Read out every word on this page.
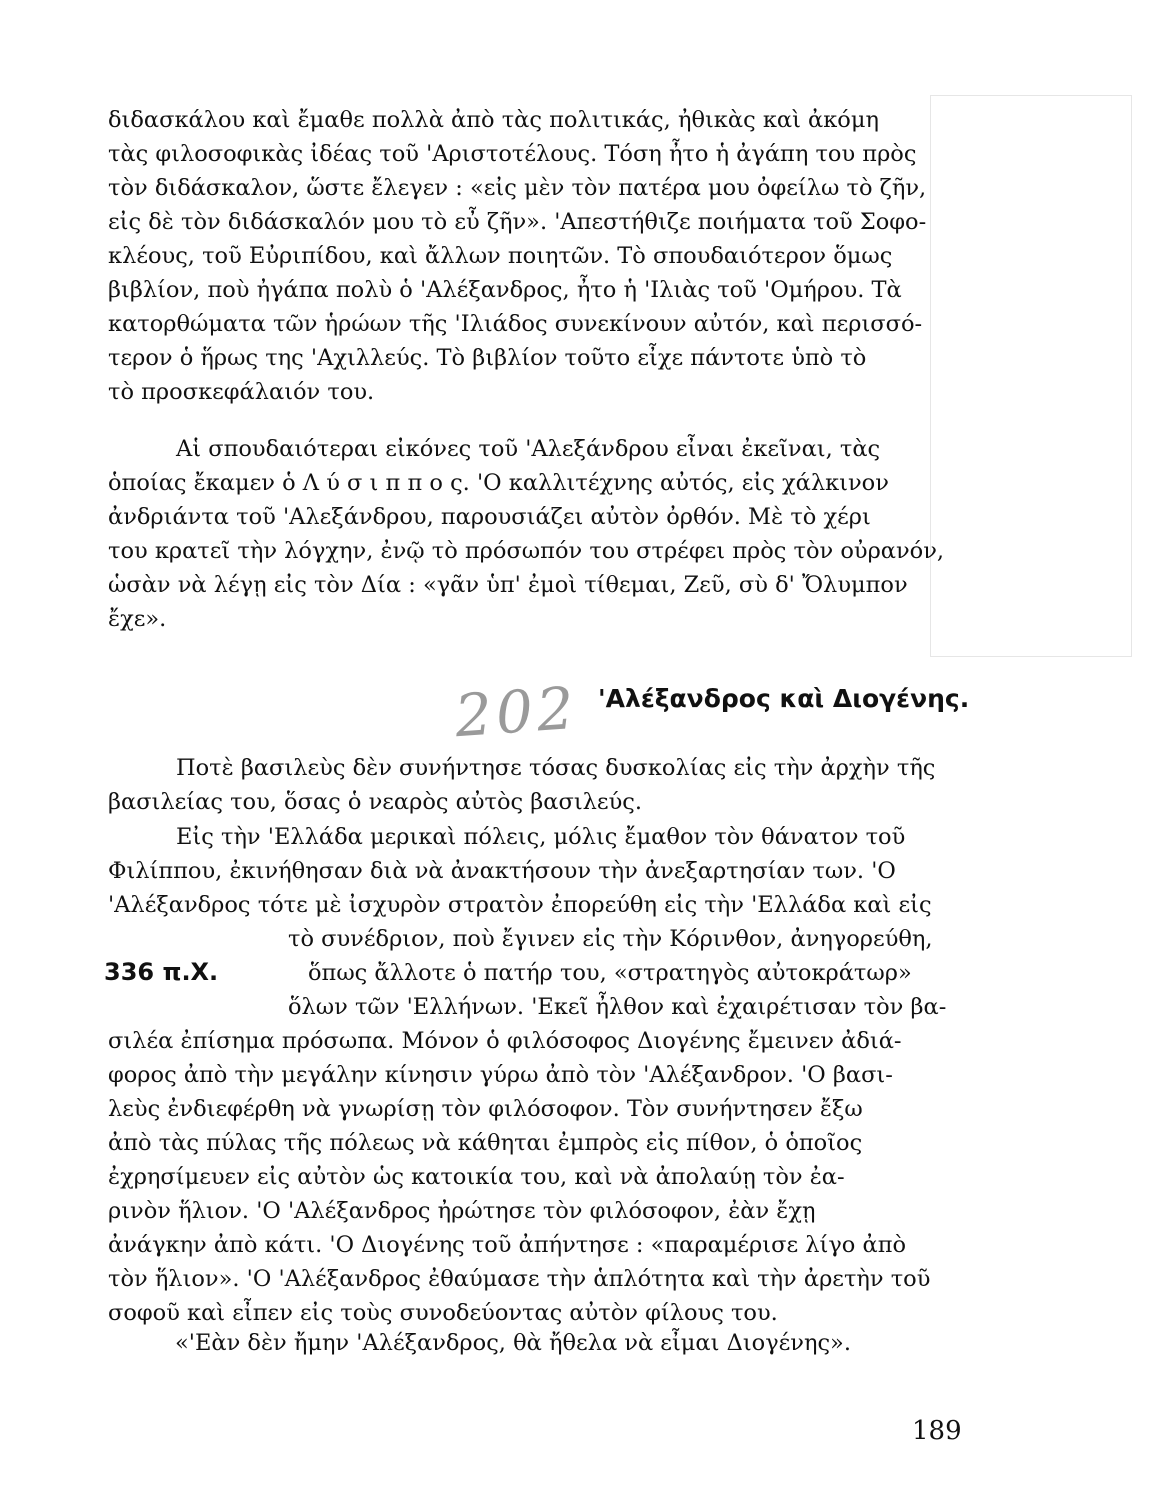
διδασκάλου καὶ ἔμαθε πολλὰ ἀπὸ τὰς πολιτικάς, ἠθικὰς καὶ ἀκόμη
τὰς φιλοσοφικὰς ἰδέας τοῦ 'Αριστοτέλους. Τόση ἦτο ἡ ἀγάπη του πρὸς
τὸν διδάσκαλον, ὥστε ἔλεγεν : «εἰς μὲν τὸν πατέρα μου ὀφείλω τὸ ζῆν,
εἰς δὲ τὸν διδάσκαλόν μου τὸ εὖ ζῆν». 'Απεστήθιζε ποιήματα τοῦ Σοφο-
κλέους, τοῦ Εὐριπίδου, καὶ ἄλλων ποιητῶν. Τὸ σπουδαιότερον ὅμως
βιβλίον, ποὺ ἠγάπα πολὺ ὁ 'Αλέξανδρος, ἦτο ἡ 'Ιλιὰς τοῦ 'Ομήρου. Τὰ
κατορθώματα τῶν ἡρώων τῆς 'Ιλιάδος συνεκίνουν αὐτόν, καὶ περισσό-
τερον ὁ ἥρως της 'Αχιλλεύς. Τὸ βιβλίον τοῦτο εἶχε πάντοτε ὑπὸ τὸ
τὸ προσκεφάλαιόν του.
Αἱ σπουδαιότεραι εἰκόνες τοῦ 'Αλεξάνδρου εἶναι ἐκεῖναι, τὰς
ὁποίας ἔκαμεν ὁ Λ ύ σ ι π π ο ς. 'Ο καλλιτέχνης αὐτός, εἰς χάλκινον
ἀνδριάντα τοῦ 'Αλεξάνδρου, παρουσιάζει αὐτὸν ὀρθόν. Μὲ τὸ χέρι
του κρατεῖ τὴν λόγχην, ἐνῷ τὸ πρόσωπόν του στρέφει πρὸς τὸν οὐρανόν,
ὡσὰν νὰ λέγῃ εἰς τὸν Δία : «γᾶν ὑπ' ἐμοὶ τίθεμαι, Ζεῦ, σὺ δ' Ὄλυμπον
ἔχε».
202 'Αλέξανδρος καὶ Διογένης.
Ποτὲ βασιλεὺς δὲν συνήντησε τόσας δυσκολίας εἰς τὴν ἀρχὴν τῆς
βασιλείας του, ὅσας ὁ νεαρὸς αὐτὸς βασιλεύς.
Εἰς τὴν 'Ελλάδα μερικαὶ πόλεις, μόλις ἔμαθον τὸν θάνατον τοῦ
Φιλίππου, ἐκινήθησαν διὰ νὰ ἀνακτήσουν τὴν ἀνεξαρτησίαν των. 'Ο
'Αλέξανδρος τότε μὲ ἰσχυρὸν στρατὸν ἐπορεύθη εἰς τὴν 'Ελλάδα καὶ εἰς
τὸ συνέδριον, ποὺ ἔγινεν εἰς τὴν Κόρινθον, ἀνηγορεύθη,
ὅπως ἄλλοτε ὁ πατήρ του, «στρατηγὸς αὐτοκράτωρ»
ὅλων τῶν 'Ελλήνων. 'Εκεῖ ἦλθον καὶ ἐχαιρέτισαν τὸν βα-
σιλέα ἐπίσημα πρόσωπα. Μόνον ὁ φιλόσοφος Διογένης ἔμεινεν ἀδιά-
φορος ἀπὸ τὴν μεγάλην κίνησιν γύρω ἀπὸ τὸν 'Αλέξανδρον. 'Ο βασι-
λεὺς ἐνδιεφέρθη νὰ γνωρίσῃ τὸν φιλόσοφον. Τὸν συνήντησεν ἔξω
ἀπὸ τὰς πύλας τῆς πόλεως νὰ κάθηται ἐμπρὸς εἰς πίθον, ὁ ὁποῖος
ἐχρησίμευεν εἰς αὐτὸν ὡς κατοικία του, καὶ νὰ ἀπολαύῃ τὸν ἐα-
ρινὸν ἥλιον. 'Ο 'Αλέξανδρος ἠρώτησε τὸν φιλόσοφον, ἐὰν ἔχῃ
ἀνάγκην ἀπὸ κάτι. 'Ο Διογένης τοῦ ἀπήντησε : «παραμέρισε λίγο ἀπὸ
τὸν ἥλιον». 'Ο 'Αλέξανδρος ἐθαύμασε τὴν ἁπλότητα καὶ τὴν ἀρετὴν τοῦ
σοφοῦ καὶ εἶπεν εἰς τοὺς συνοδεύοντας αὐτὸν φίλους του.
336 π.Χ.
«'Εὰν δὲν ἤμην 'Αλέξανδρος, θὰ ἤθελα νὰ εἶμαι Διογένης».
189
